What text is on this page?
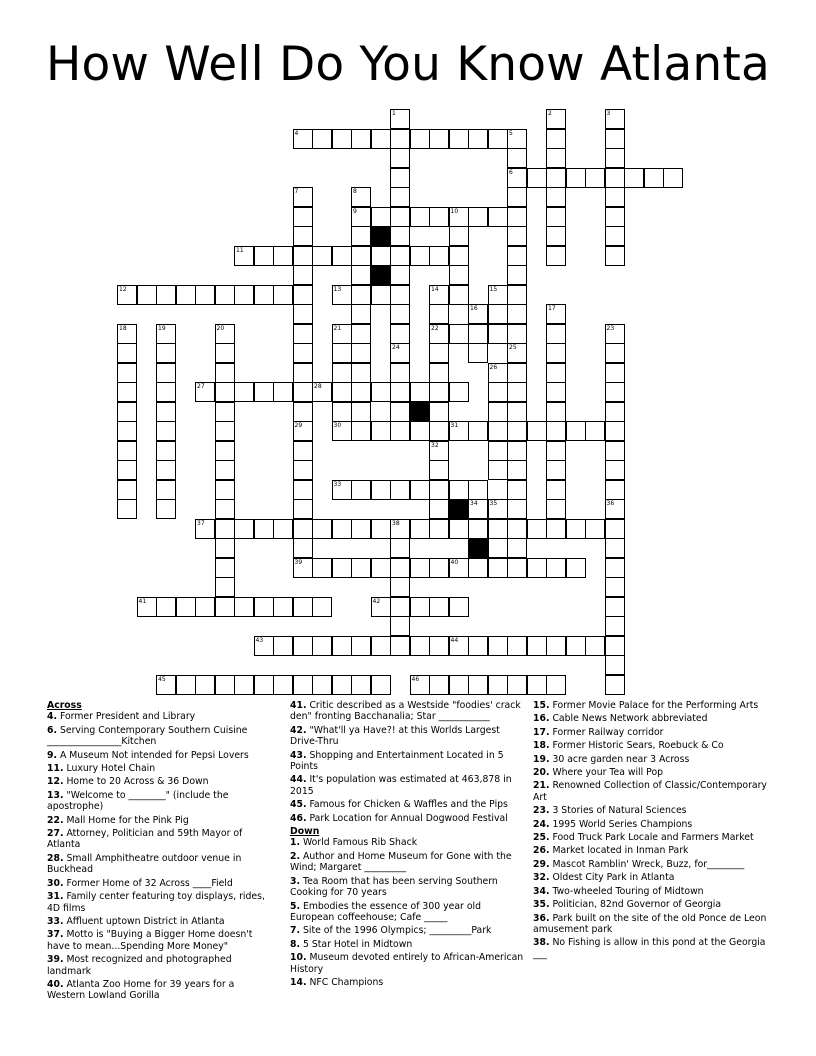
How Well Do You Know Atlanta
1	2	3
4	5
6
7
29
39
8
9	10
11
12	13	14
22
15
16	17
18	19	20	21	23
24	25
26
27	28
30	31
32
33
34 35	36
37	38
40
41	42
43	44
45	46
Across
4. Former President and Library
6. Serving Contemporary Southern Cuisine ________________Kitchen
9. A Museum Not intended for Pepsi Lovers
11. Luxury Hotel Chain
12. Home to 20 Across & 36 Down
13. "Welcome to ________" (include the apostrophe)
22. Mall Home for the Pink Pig
27. Attorney, Politician and 59th Mayor of Atlanta
28. Small Amphitheatre outdoor venue in Buckhead
30. Former Home of 32 Across ____Field
31. Family center featuring toy displays, rides, 4D films
33. Affluent uptown District in Atlanta
37. Motto is "Buying a Bigger Home doesn't have to mean...Spending More Money"
39. Most recognized and photographed landmark
40. Atlanta Zoo Home for 39 years for a Western Lowland Gorilla
41. Critic described as a Westside "foodies' crack den" fronting Bacchanalia; Star ___________
42. "What'll ya Have?! at this Worlds Largest Drive-Thru
43. Shopping and Entertainment Located in 5 Points
44. It's population was estimated at 463,878 in 2015
45. Famous for Chicken & Waffles and the Pips
46. Park Location for Annual Dogwood Festival
Down
1. World Famous Rib Shack
2. Author and Home Museum for Gone with the Wind; Margaret _________
3. Tea Room that has been serving Southern Cooking for 70 years
5. Embodies the essence of 300 year old European coffeehouse; Cafe _____
7. Site of the 1996 Olympics; _________Park
8. 5 Star Hotel in Midtown
10. Museum devoted entirely to African-American History
14. NFC Champions
15. Former Movie Palace for the Performing Arts
16. Cable News Network abbreviated
17. Former Railway corridor
18. Former Historic Sears, Roebuck & Co
19. 30 acre garden near 3 Across
20. Where your Tea will Pop
21. Renowned Collection of Classic/Contemporary Art
23. 3 Stories of Natural Sciences
24. 1995 World Series Champions
25. Food Truck Park Locale and Farmers Market
26. Market located in Inman Park
29. Mascot Ramblin' Wreck, Buzz, for________
32. Oldest City Park in Atlanta
34. Two-wheeled Touring of Midtown
35. Politician, 82nd Governor of Georgia
36. Park built on the site of the old Ponce de Leon amusement park
38. No Fishing is allow in this pond at the Georgia ___
